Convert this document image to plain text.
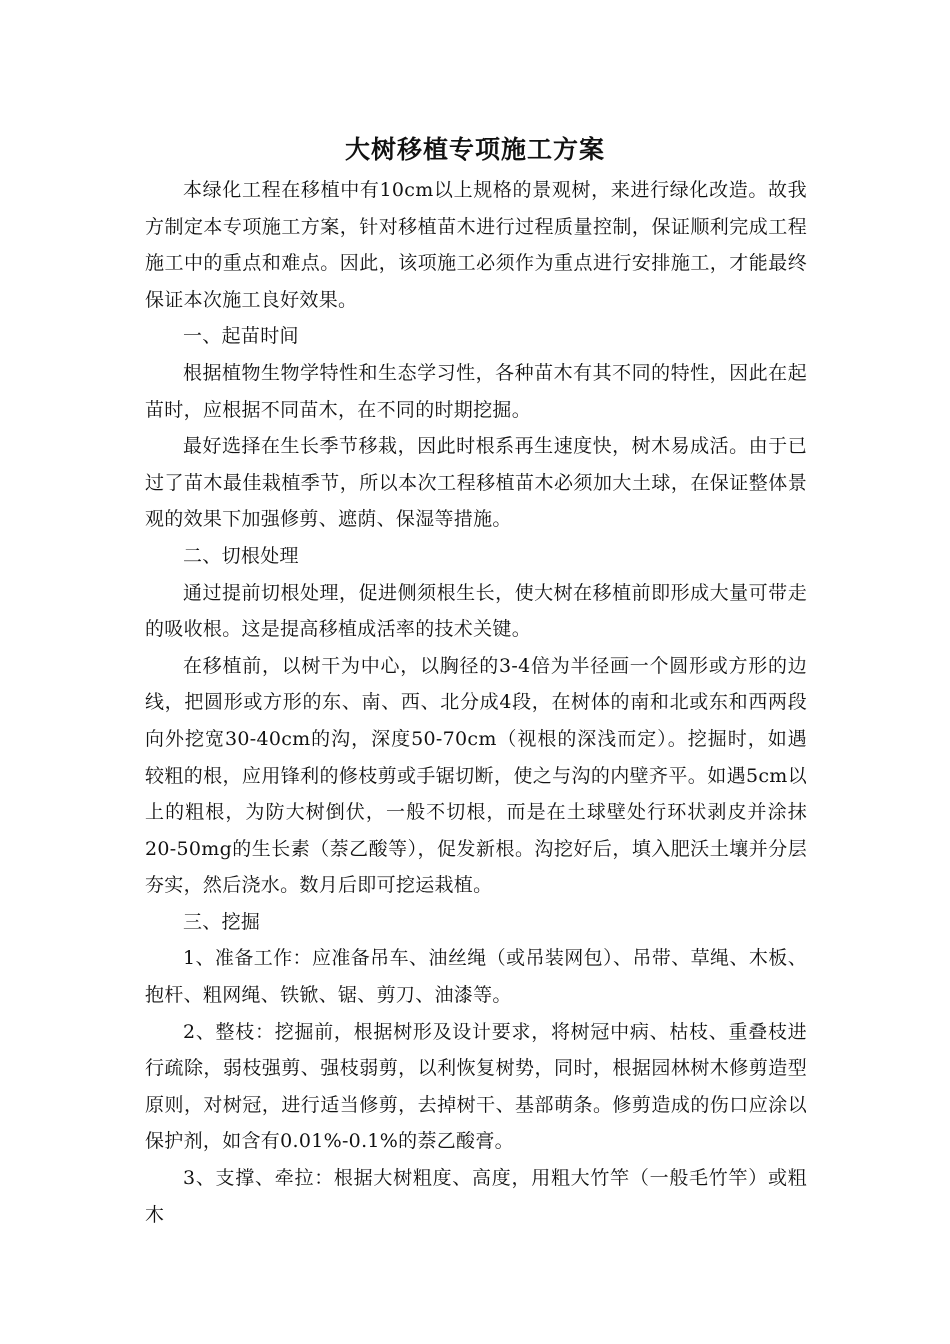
大树移植专项施工方案

本绿化工程在移植中有10cm以上规格的景观树，来进行绿化改造。故我方制定本专项施工方案，针对移植苗木进行过程质量控制，保证顺利完成工程施工中的重点和难点。因此，该项施工必须作为重点进行安排施工，才能最终保证本次施工良好效果。

一、起苗时间

根据植物生物学特性和生态学习性，各种苗木有其不同的特性，因此在起苗时，应根据不同苗木，在不同的时期挖掘。

最好选择在生长季节移栽，因此时根系再生速度快，树木易成活。由于已过了苗木最佳栽植季节，所以本次工程移植苗木必须加大土球，在保证整体景观的效果下加强修剪、遮荫、保湿等措施。

二、切根处理

通过提前切根处理，促进侧须根生长，使大树在移植前即形成大量可带走的吸收根。这是提高移植成活率的技术关键。

在移植前，以树干为中心，以胸径的3-4倍为半径画一个圆形或方形的边线，把圆形或方形的东、南、西、北分成4段，在树体的南和北或东和西两段向外挖宽30-40cm的沟，深度50-70cm（视根的深浅而定）。挖掘时，如遇较粗的根，应用锋利的修枝剪或手锯切断，使之与沟的内壁齐平。如遇5cm以上的粗根，为防大树倒伏，一般不切根，而是在土球壁处行环状剥皮并涂抹20-50mg的生长素（萘乙酸等），促发新根。沟挖好后，填入肥沃土壤并分层夯实，然后浇水。数月后即可挖运栽植。

三、挖掘

1、准备工作：应准备吊车、油丝绳（或吊装网包）、吊带、草绳、木板、抱杆、粗网绳、铁锨、锯、剪刀、油漆等。

2、整枝：挖掘前，根据树形及设计要求，将树冠中病、枯枝、重叠枝进行疏除，弱枝强剪、强枝弱剪，以利恢复树势，同时，根据园林树木修剪造型原则，对树冠，进行适当修剪，去掉树干、基部萌条。修剪造成的伤口应涂以保护剂，如含有0.01%-0.1%的萘乙酸膏。

3、支撑、牵拉：根据大树粗度、高度，用粗大竹竿（一般毛竹竿）或粗木
